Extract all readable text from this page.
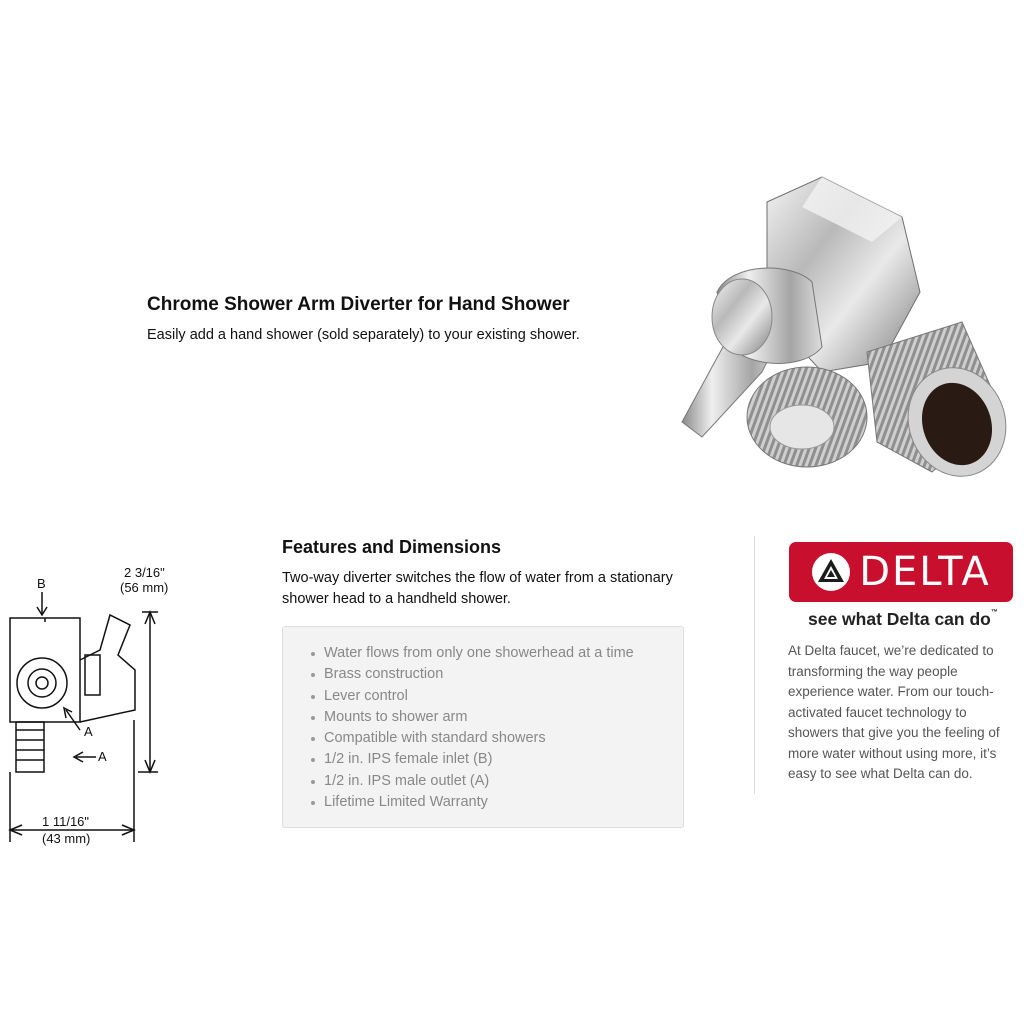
Chrome Shower Arm Diverter for Hand Shower
Easily add a hand shower (sold separately) to your existing shower.
B
A
A
2 3/16"
(56 mm)
1 11/16"
(43 mm)
Features and Dimensions
Two-way diverter switches the flow of water from a stationary shower head to a handheld shower.
Water flows from only one showerhead at a time
Brass construction
Lever control
Mounts to shower arm
Compatible with standard showers
1/2 in. IPS female inlet (B)
1/2 in. IPS male outlet (A)
Lifetime Limited Warranty
DELTA
see what Delta can do™
At Delta faucet, we’re dedicated to transforming the way people experience water. From our touch-activated faucet technology to showers that give you the feeling of more water without using more, it’s easy to see what Delta can do.
